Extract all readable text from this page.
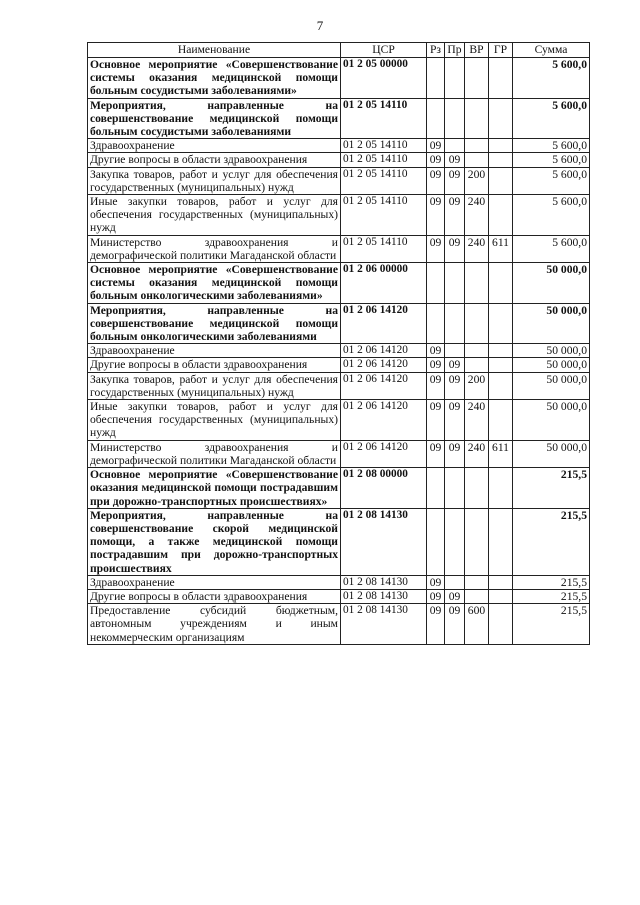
7
Наименование	ЦСР	Рз	Пр	ВР	ГР	Сумма
Основное мероприятие «Совершенствование системы оказания медицинской помощи больным сосудистыми заболеваниями»	01 2 05 00000					5 600,0
Мероприятия, направленные на совершенствование медицинской помощи больным сосудистыми заболеваниями	01 2 05 14110					5 600,0
Здравоохранение	01 2 05 14110	09				5 600,0
Другие вопросы в области здравоохранения	01 2 05 14110	09	09			5 600,0
Закупка товаров, работ и услуг для обеспечения государственных (муниципальных) нужд	01 2 05 14110	09	09	200		5 600,0
Иные закупки товаров, работ и услуг для обеспечения государственных (муниципальных) нужд	01 2 05 14110	09	09	240		5 600,0
Министерство здравоохранения и демографической политики Магаданской области	01 2 05 14110	09	09	240	611	5 600,0
Основное мероприятие «Совершенствование системы оказания медицинской помощи больным онкологическими заболеваниями»	01 2 06 00000					50 000,0
Мероприятия, направленные на совершенствование медицинской помощи больным онкологическими заболеваниями	01 2 06 14120					50 000,0
Здравоохранение	01 2 06 14120	09				50 000,0
Другие вопросы в области здравоохранения	01 2 06 14120	09	09			50 000,0
Закупка товаров, работ и услуг для обеспечения государственных (муниципальных) нужд	01 2 06 14120	09	09	200		50 000,0
Иные закупки товаров, работ и услуг для обеспечения государственных (муниципальных) нужд	01 2 06 14120	09	09	240		50 000,0
Министерство здравоохранения и демографической политики Магаданской области	01 2 06 14120	09	09	240	611	50 000,0
Основное мероприятие «Совершенствование оказания медицинской помощи пострадавшим при дорожно-транспортных происшествиях»	01 2 08 00000					215,5
Мероприятия, направленные на совершенствование скорой медицинской помощи, а также медицинской помощи пострадавшим при дорожно-транспортных происшествиях	01 2 08 14130					215,5
Здравоохранение	01 2 08 14130	09				215,5
Другие вопросы в области здравоохранения	01 2 08 14130	09	09			215,5
Предоставление субсидий бюджетным, автономным учреждениям и иным некоммерческим организациям	01 2 08 14130	09	09	600		215,5
